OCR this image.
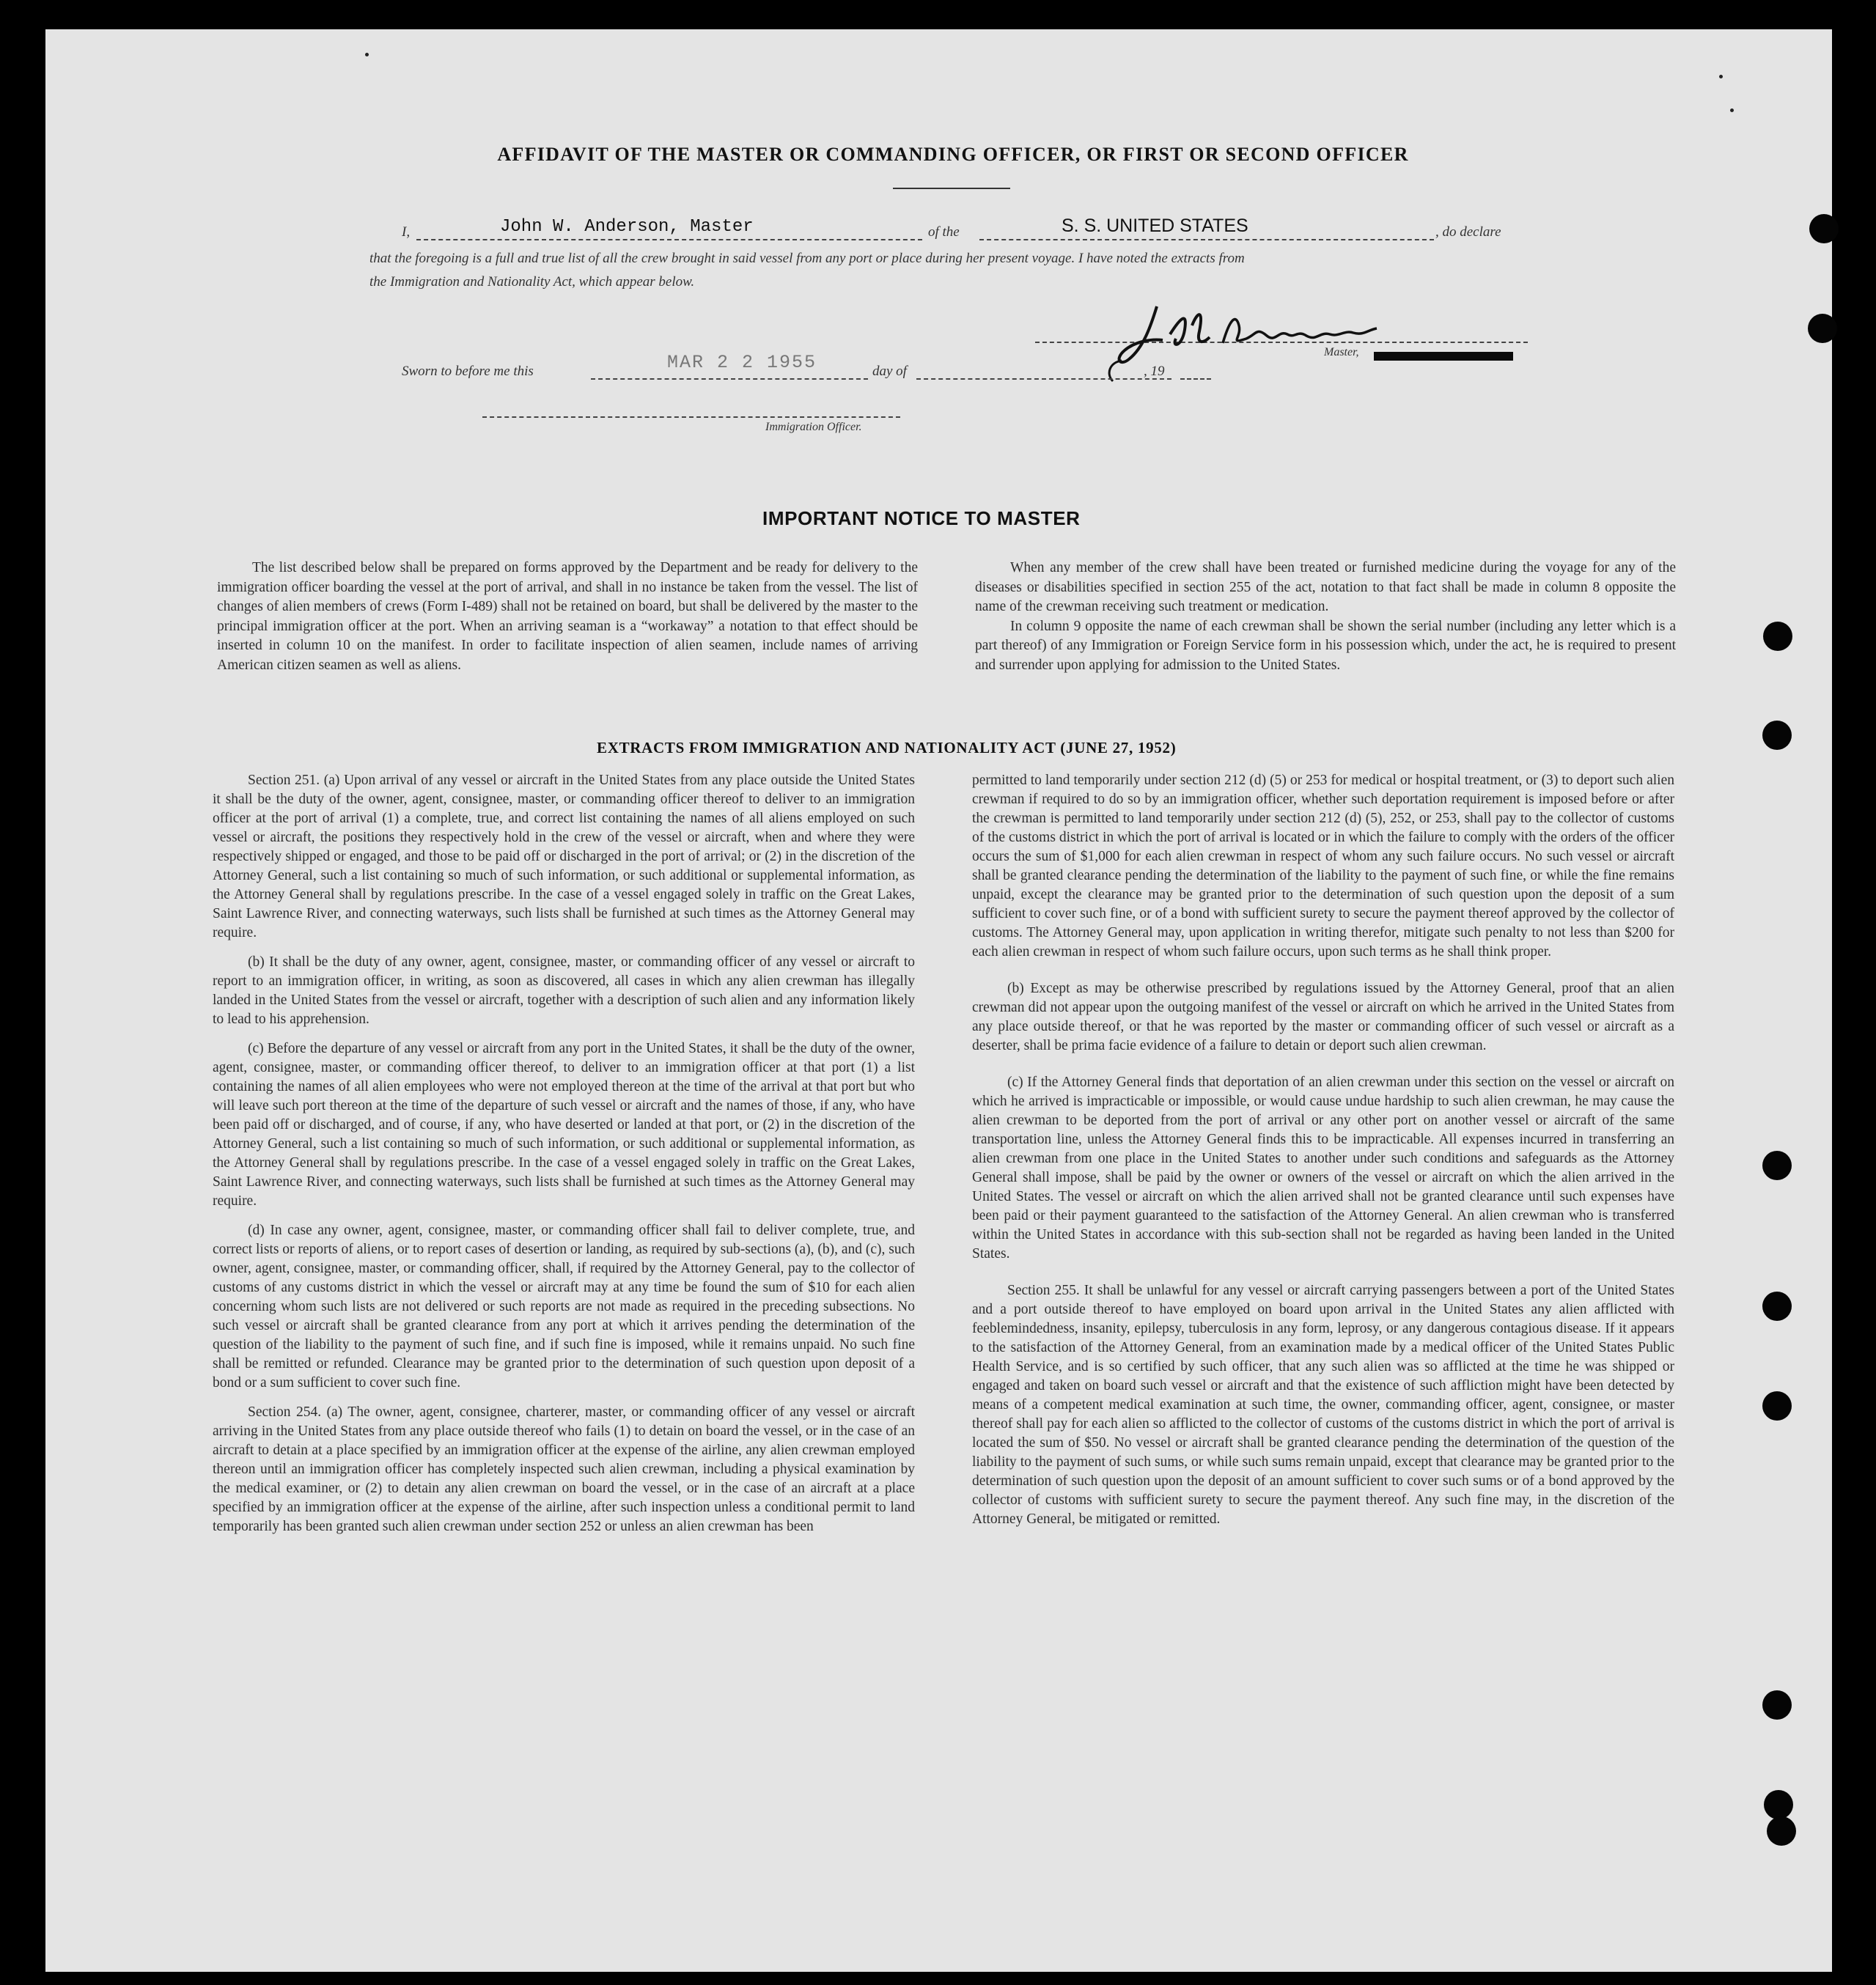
AFFIDAVIT OF THE MASTER OR COMMANDING OFFICER, OR FIRST OR SECOND OFFICER
I,	John W. Anderson, Master	of the	S. S. UNITED STATES	, do declare
that the foregoing is a full and true list of all the crew brought in said vessel from any port or place during her present voyage. I have noted the extracts from
the Immigration and Nationality Act, which appear below.
Master,
Sworn to before me this	MAR 2 2 1955	day of	, 19
Immigration Officer.
IMPORTANT NOTICE TO MASTER

The list described below shall be prepared on forms approved by the Department and be ready for delivery to the immigration officer boarding the vessel at the port of arrival, and shall in no instance be taken from the vessel. The list of changes of alien members of crews (Form I-489) shall not be retained on board, but shall be delivered by the master to the principal immigration officer at the port. When an arriving seaman is a “workaway” a notation to that effect should be inserted in column 10 on the manifest. In order to facilitate inspection of alien seamen, include names of arriving American citizen seamen as well as aliens.

When any member of the crew shall have been treated or furnished medicine during the voyage for any of the diseases or disabilities specified in section 255 of the act, notation to that fact shall be made in column 8 opposite the name of the crewman receiving such treatment or medication.

In column 9 opposite the name of each crewman shall be shown the serial number (including any letter which is a part thereof) of any Immigration or Foreign Service form in his possession which, under the act, he is required to present and surrender upon applying for admission to the United States.

EXTRACTS FROM IMMIGRATION AND NATIONALITY ACT (JUNE 27, 1952)

Section 251. (a) Upon arrival of any vessel or aircraft in the United States from any place outside the United States it shall be the duty of the owner, agent, consignee, master, or commanding officer thereof to deliver to an immigration officer at the port of arrival (1) a complete, true, and correct list containing the names of all aliens employed on such vessel or aircraft, the positions they respectively hold in the crew of the vessel or aircraft, when and where they were respectively shipped or engaged, and those to be paid off or discharged in the port of arrival; or (2) in the discretion of the Attorney General, such a list containing so much of such information, or such additional or supplemental information, as the Attorney General shall by regulations prescribe. In the case of a vessel engaged solely in traffic on the Great Lakes, Saint Lawrence River, and connecting waterways, such lists shall be furnished at such times as the Attorney General may require.

(b) It shall be the duty of any owner, agent, consignee, master, or commanding officer of any vessel or aircraft to report to an immigration officer, in writing, as soon as discovered, all cases in which any alien crewman has illegally landed in the United States from the vessel or aircraft, together with a description of such alien and any information likely to lead to his apprehension.

(c) Before the departure of any vessel or aircraft from any port in the United States, it shall be the duty of the owner, agent, consignee, master, or commanding officer thereof, to deliver to an immigration officer at that port (1) a list containing the names of all alien employees who were not employed thereon at the time of the arrival at that port but who will leave such port thereon at the time of the departure of such vessel or aircraft and the names of those, if any, who have been paid off or discharged, and of course, if any, who have deserted or landed at that port, or (2) in the discretion of the Attorney General, such a list containing so much of such information, or such additional or supplemental information, as the Attorney General shall by regulations prescribe. In the case of a vessel engaged solely in traffic on the Great Lakes, Saint Lawrence River, and connecting waterways, such lists shall be furnished at such times as the Attorney General may require.

(d) In case any owner, agent, consignee, master, or commanding officer shall fail to deliver complete, true, and correct lists or reports of aliens, or to report cases of desertion or landing, as required by sub-sections (a), (b), and (c), such owner, agent, consignee, master, or commanding officer, shall, if required by the Attorney General, pay to the collector of customs of any customs district in which the vessel or aircraft may at any time be found the sum of $10 for each alien concerning whom such lists are not delivered or such reports are not made as required in the preceding subsections. No such vessel or aircraft shall be granted clearance from any port at which it arrives pending the determination of the question of the liability to the payment of such fine, and if such fine is imposed, while it remains unpaid. No such fine shall be remitted or refunded. Clearance may be granted prior to the determination of such question upon deposit of a bond or a sum sufficient to cover such fine.

Section 254. (a) The owner, agent, consignee, charterer, master, or commanding officer of any vessel or aircraft arriving in the United States from any place outside thereof who fails (1) to detain on board the vessel, or in the case of an aircraft to detain at a place specified by an immigration officer at the expense of the airline, any alien crewman employed thereon until an immigration officer has completely inspected such alien crewman, including a physical examination by the medical examiner, or (2) to detain any alien crewman on board the vessel, or in the case of an aircraft at a place specified by an immigration officer at the expense of the airline, after such inspection unless a conditional permit to land temporarily has been granted such alien crewman under section 252 or unless an alien crewman has been

permitted to land temporarily under section 212 (d) (5) or 253 for medical or hospital treatment, or (3) to deport such alien crewman if required to do so by an immigration officer, whether such deportation requirement is imposed before or after the crewman is permitted to land temporarily under section 212 (d) (5), 252, or 253, shall pay to the collector of customs of the customs district in which the port of arrival is located or in which the failure to comply with the orders of the officer occurs the sum of $1,000 for each alien crewman in respect of whom any such failure occurs. No such vessel or aircraft shall be granted clearance pending the determination of the liability to the payment of such fine, or while the fine remains unpaid, except the clearance may be granted prior to the determination of such question upon the deposit of a sum sufficient to cover such fine, or of a bond with sufficient surety to secure the payment thereof approved by the collector of customs. The Attorney General may, upon application in writing therefor, mitigate such penalty to not less than $200 for each alien crewman in respect of whom such failure occurs, upon such terms as he shall think proper.

(b) Except as may be otherwise prescribed by regulations issued by the Attorney General, proof that an alien crewman did not appear upon the outgoing manifest of the vessel or aircraft on which he arrived in the United States from any place outside thereof, or that he was reported by the master or commanding officer of such vessel or aircraft as a deserter, shall be prima facie evidence of a failure to detain or deport such alien crewman.

(c) If the Attorney General finds that deportation of an alien crewman under this section on the vessel or aircraft on which he arrived is impracticable or impossible, or would cause undue hardship to such alien crewman, he may cause the alien crewman to be deported from the port of arrival or any other port on another vessel or aircraft of the same transportation line, unless the Attorney General finds this to be impracticable. All expenses incurred in transferring an alien crewman from one place in the United States to another under such conditions and safeguards as the Attorney General shall impose, shall be paid by the owner or owners of the vessel or aircraft on which the alien arrived in the United States. The vessel or aircraft on which the alien arrived shall not be granted clearance until such expenses have been paid or their payment guaranteed to the satisfaction of the Attorney General. An alien crewman who is transferred within the United States in accordance with this sub-section shall not be regarded as having been landed in the United States.

Section 255. It shall be unlawful for any vessel or aircraft carrying passengers between a port of the United States and a port outside thereof to have employed on board upon arrival in the United States any alien afflicted with feeblemindedness, insanity, epilepsy, tuberculosis in any form, leprosy, or any dangerous contagious disease. If it appears to the satisfaction of the Attorney General, from an examination made by a medical officer of the United States Public Health Service, and is so certified by such officer, that any such alien was so afflicted at the time he was shipped or engaged and taken on board such vessel or aircraft and that the existence of such affliction might have been detected by means of a competent medical examination at such time, the owner, commanding officer, agent, consignee, or master thereof shall pay for each alien so afflicted to the collector of customs of the customs district in which the port of arrival is located the sum of $50. No vessel or aircraft shall be granted clearance pending the determination of the question of the liability to the payment of such sums, or while such sums remain unpaid, except that clearance may be granted prior to the determination of such question upon the deposit of an amount sufficient to cover such sums or of a bond approved by the collector of customs with sufficient surety to secure the payment thereof. Any such fine may, in the discretion of the Attorney General, be mitigated or remitted.
